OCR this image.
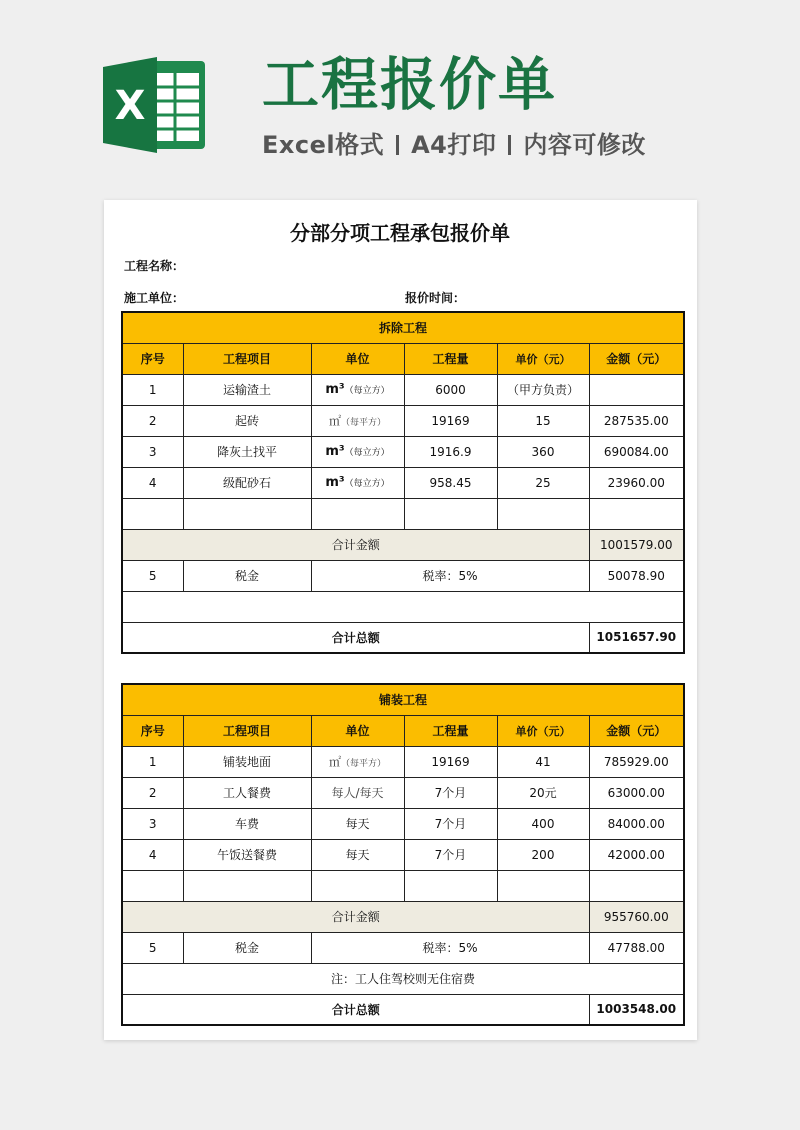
X 工程报价单
Excel格式 A4打印 内容可修改
分部分项工程承包报价单
工程名称：
施工单位：	报价时间：
拆除工程					
序号	工程项目	单位	工程量	单价（元）	金额（元）
1	运输渣土	m³（每立方）	6000	（甲方负责）	
2	起砖	㎡（每平方）	19169	15	287535.00
3	降灰土找平	m³（每立方）	1916.9	360	690084.00
4	级配砂石	m³（每立方）	958.45	25	23960.00

合计金额					1001579.00
5	税金	税率：5%			50078.90

合计总额					1051657.90
铺装工程					
序号	工程项目	单位	工程量	单价（元）	金额（元）
1	铺装地面	㎡（每平方）	19169	41	785929.00
2	工人餐费	每人/每天	7个月	20元	63000.00
3	车费	每天	7个月	400	84000.00
4	午饭送餐费	每天	7个月	200	42000.00

合计金额					955760.00
5	税金	税率：5%			47788.00
注：工人住驾校则无住宿费					
合计总额					1003548.00
